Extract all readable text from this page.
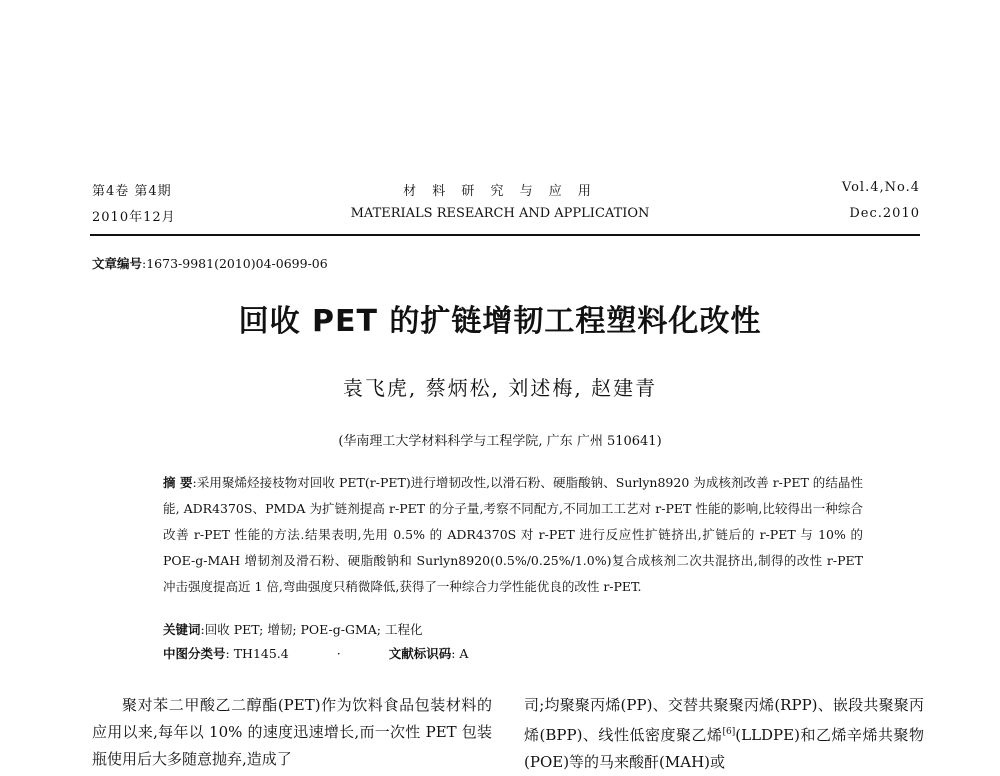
第4卷 第4期
2010年12月
材 料 研 究 与 应 用
MATERIALS RESEARCH AND APPLICATION
Vol.4,No.4
Dec.2010
文章编号:1673-9981(2010)04-0699-06
回收 PET 的扩链增韧工程塑料化改性
袁飞虎, 蔡炳松, 刘述梅, 赵建青
(华南理工大学材料科学与工程学院, 广东 广州 510641)
摘 要:采用聚烯烃接枝物对回收 PET(r-PET)进行增韧改性,以滑石粉、硬脂酸钠、Surlyn8920 为成核剂改善 r-PET 的结晶性能, ADR4370S、PMDA 为扩链剂提高 r-PET 的分子量,考察不同配方,不同加工工艺对 r-PET 性能的影响,比较得出一种综合改善 r-PET 性能的方法.结果表明,先用 0.5% 的 ADR4370S 对 r-PET 进行反应性扩链挤出,扩链后的 r-PET 与 10% 的 POE-g-MAH 增韧剂及滑石粉、硬脂酸钠和 Surlyn8920(0.5%/0.25%/1.0%)复合成核剂二次共混挤出,制得的改性 r-PET 冲击强度提高近 1 倍,弯曲强度只稍微降低,获得了一种综合力学性能优良的改性 r-PET.
关键词:回收 PET; 增韧; POE-g-GMA; 工程化
中图分类号: TH145.4	·	文献标识码: A
聚对苯二甲酸乙二醇酯(PET)作为饮料食品包装材料的应用以来,每年以 10% 的速度迅速增长,而一次性 PET 包装瓶使用后大多随意抛弃,造成了
司;均聚聚丙烯(PP)、交替共聚聚丙烯(RPP)、嵌段共聚聚丙烯(BPP)、线性低密度聚乙烯[6](LLDPE)和乙烯辛烯共聚物(POE)等的马来酸酐(MAH)或
